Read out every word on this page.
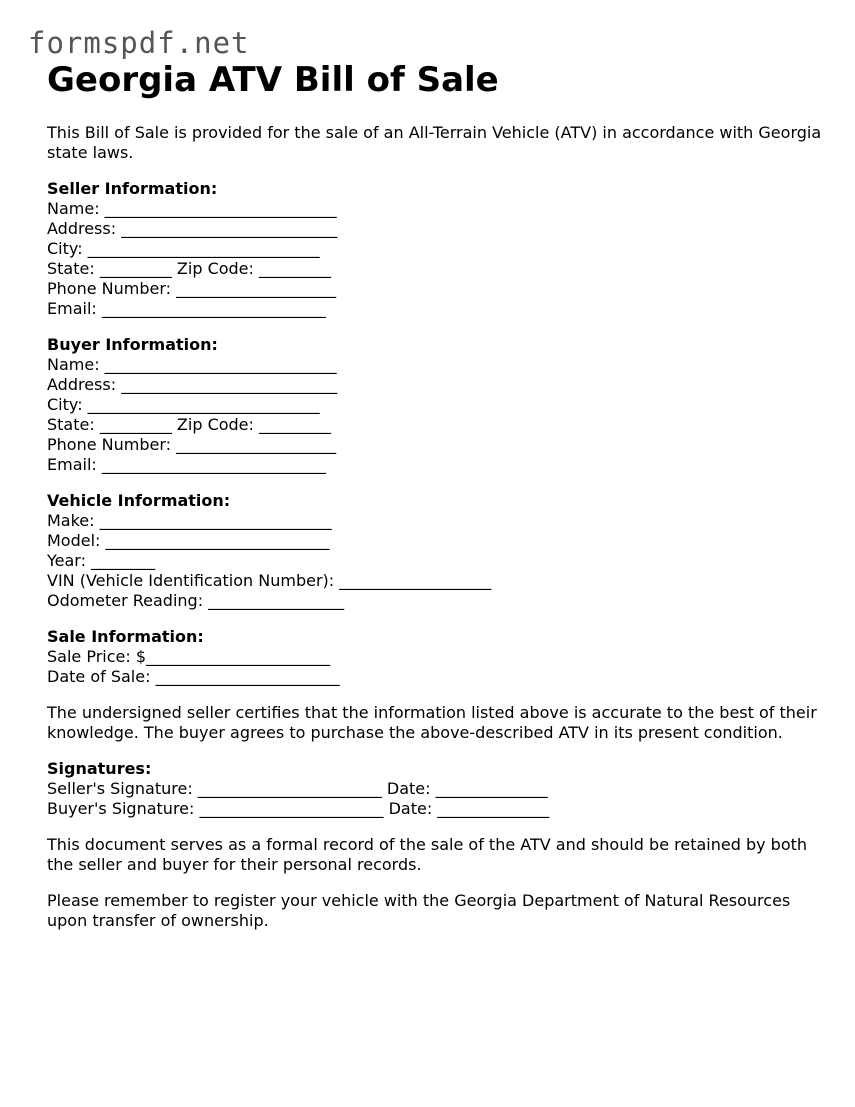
formspdf.net
Georgia ATV Bill of Sale

This Bill of Sale is provided for the sale of an All-Terrain Vehicle (ATV) in accordance with Georgia state laws.

Seller Information:
Name: _____________________________
Address: ___________________________
City: _____________________________
State: _________ Zip Code: _________
Phone Number: ____________________
Email: ____________________________
Buyer Information:
Name: _____________________________
Address: ___________________________
City: _____________________________
State: _________ Zip Code: _________
Phone Number: ____________________
Email: ____________________________
Vehicle Information:
Make: _____________________________
Model: ____________________________
Year: ________
VIN (Vehicle Identification Number): ___________________
Odometer Reading: _________________
Sale Information:
Sale Price: $_______________________
Date of Sale: _______________________

The undersigned seller certifies that the information listed above is accurate to the best of their knowledge. The buyer agrees to purchase the above-described ATV in its present condition.

Signatures:
Seller's Signature: _______________________ Date: ______________
Buyer's Signature: _______________________ Date: ______________

This document serves as a formal record of the sale of the ATV and should be retained by both the seller and buyer for their personal records.

Please remember to register your vehicle with the Georgia Department of Natural Resources upon transfer of ownership.
